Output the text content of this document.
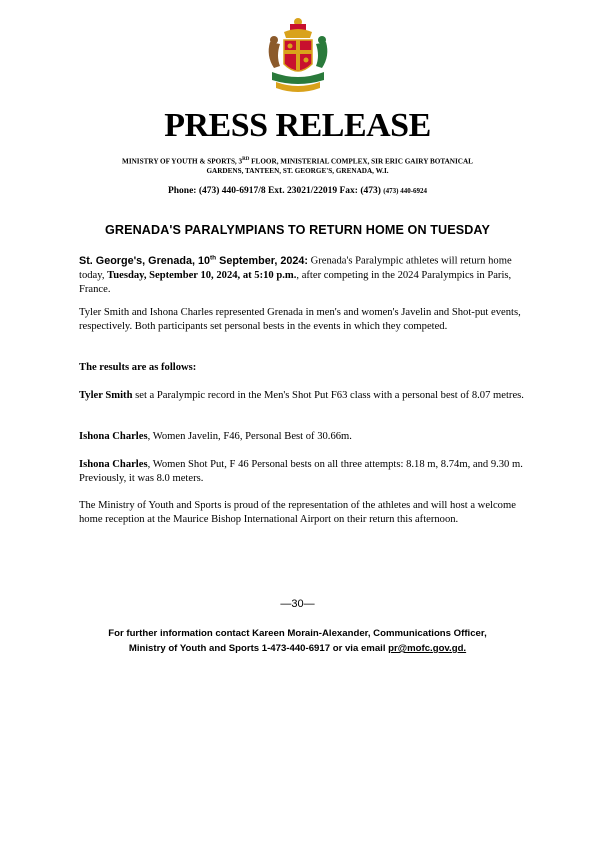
PRESS RELEASE
MINISTRY OF YOUTH & SPORTS, 3RD FLOOR, MINISTERIAL COMPLEX, SIR ERIC GAIRY BOTANICAL
GARDENS, TANTEEN, ST. GEORGE'S, GRENADA, W.I.
Phone: (473) 440-6917/8 Ext. 23021/22019 Fax: (473) (473) 440-6924
GRENADA'S PARALYMPIANS TO RETURN HOME ON TUESDAY

St. George's, Grenada, 10th September, 2024: Grenada's Paralympic athletes will return home today, Tuesday, September 10, 2024, at 5:10 p.m., after competing in the 2024 Paralympics in Paris, France.

Tyler Smith and Ishona Charles represented Grenada in men's and women's Javelin and Shot-put events, respectively. Both participants set personal bests in the events in which they competed.

The results are as follows:

Tyler Smith set a Paralympic record in the Men's Shot Put F63 class with a personal best of 8.07 metres.

Ishona Charles, Women Javelin, F46, Personal Best of 30.66m.

Ishona Charles, Women Shot Put, F 46 Personal bests on all three attempts: 8.18 m, 8.74m, and 9.30 m. Previously, it was 8.0 meters.

The Ministry of Youth and Sports is proud of the representation of the athletes and will host a welcome home reception at the Maurice Bishop International Airport on their return this afternoon.

—30—
For further information contact Kareen Morain-Alexander, Communications Officer,
Ministry of Youth and Sports 1-473-440-6917 or via email pr@mofc.gov.gd.
